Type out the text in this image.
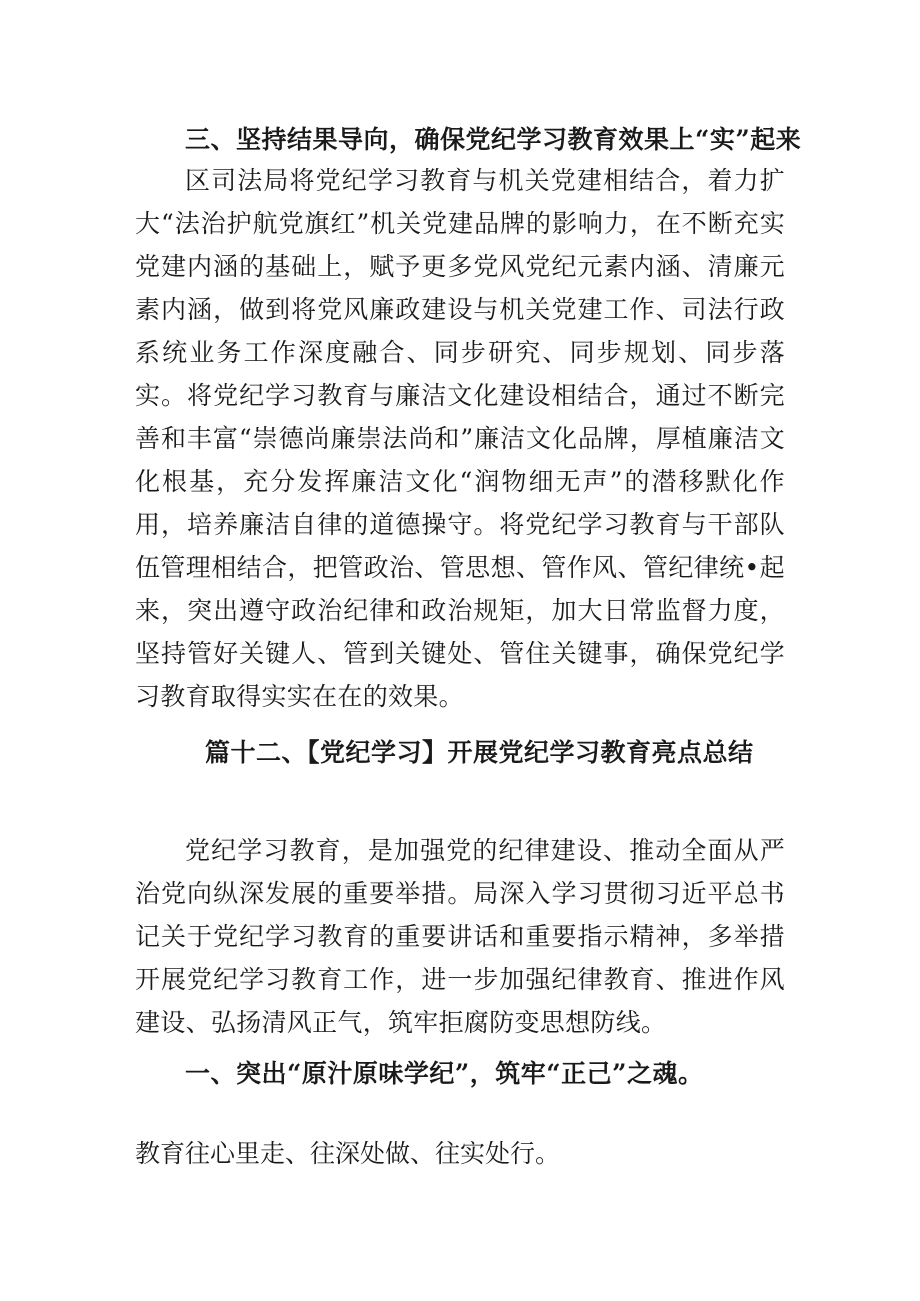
三、坚持结果导向，确保党纪学习教育效果上“实”起来
区司法局将党纪学习教育与机关党建相结合，着力扩大“法治护航党旗红”机关党建品牌的影响力，在不断充实党建内涵的基础上，赋予更多党风党纪元素内涵、清廉元素内涵，做到将党风廉政建设与机关党建工作、司法行政系统业务工作深度融合、同步研究、同步规划、同步落实。将党纪学习教育与廉洁文化建设相结合，通过不断完善和丰富“崇德尚廉崇法尚和”廉洁文化品牌，厚植廉洁文化根基，充分发挥廉洁文化“润物细无声”的潜移默化作用，培养廉洁自律的道德操守。将党纪学习教育与干部队伍管理相结合，把管政治、管思想、管作风、管纪律统•起来，突出遵守政治纪律和政治规矩，加大日常监督力度，坚持管好关键人、管到关键处、管住关键事，确保党纪学习教育取得实实在在的效果。
篇十二、【党纪学习】开展党纪学习教育亮点总结
党纪学习教育，是加强党的纪律建设、推动全面从严治党向纵深发展的重要举措。局深入学习贯彻习近平总书记关于党纪学习教育的重要讲话和重要指示精神，多举措开展党纪学习教育工作，进一步加强纪律教育、推进作风建设、弘扬清风正气，筑牢拒腐防变思想防线。
一、突出“原汁原味学纪”，筑牢“正己”之魂。
教育往心里走、往深处做、往实处行。
